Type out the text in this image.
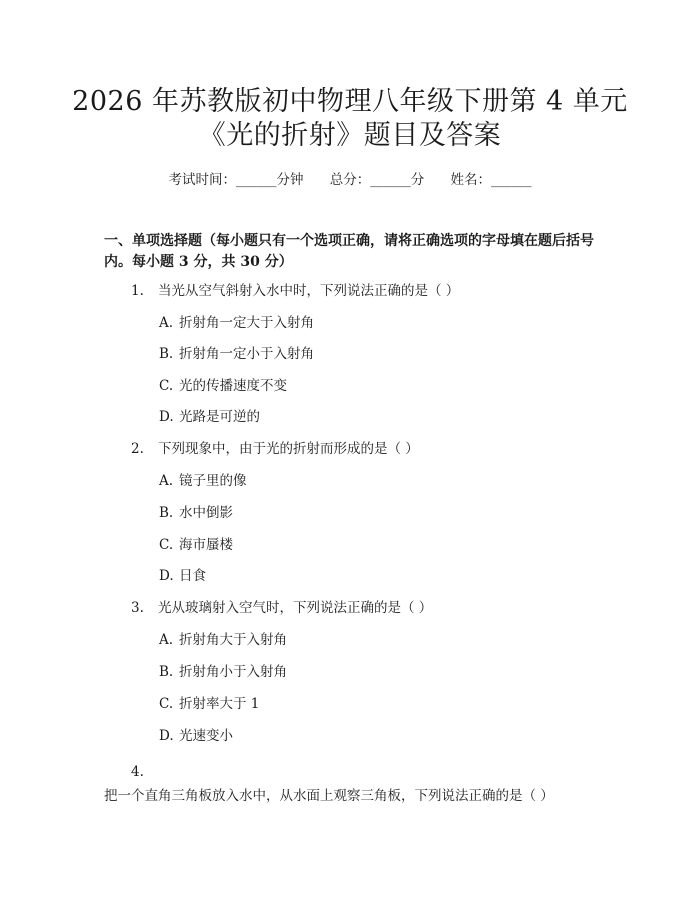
2026 年苏教版初中物理八年级下册第 4 单元
《光的折射》题目及答案
考试时间：______分钟 总分：______分 姓名：______
一、单项选择题（每小题只有一个选项正确，请将正确选项的字母填在题后括号内。每小题 3 分，共 30 分）
1. 当光从空气斜射入水中时，下列说法正确的是（ ）
A. 折射角一定大于入射角
B. 折射角一定小于入射角
C. 光的传播速度不变
D. 光路是可逆的
2. 下列现象中，由于光的折射而形成的是（ ）
A. 镜子里的像
B. 水中倒影
C. 海市蜃楼
D. 日食
3. 光从玻璃射入空气时，下列说法正确的是（ ）
A. 折射角大于入射角
B. 折射角小于入射角
C. 折射率大于 1
D. 光速变小
4.把一个直角三角板放入水中，从水面上观察三角板，下列说法正确的是（ ）
